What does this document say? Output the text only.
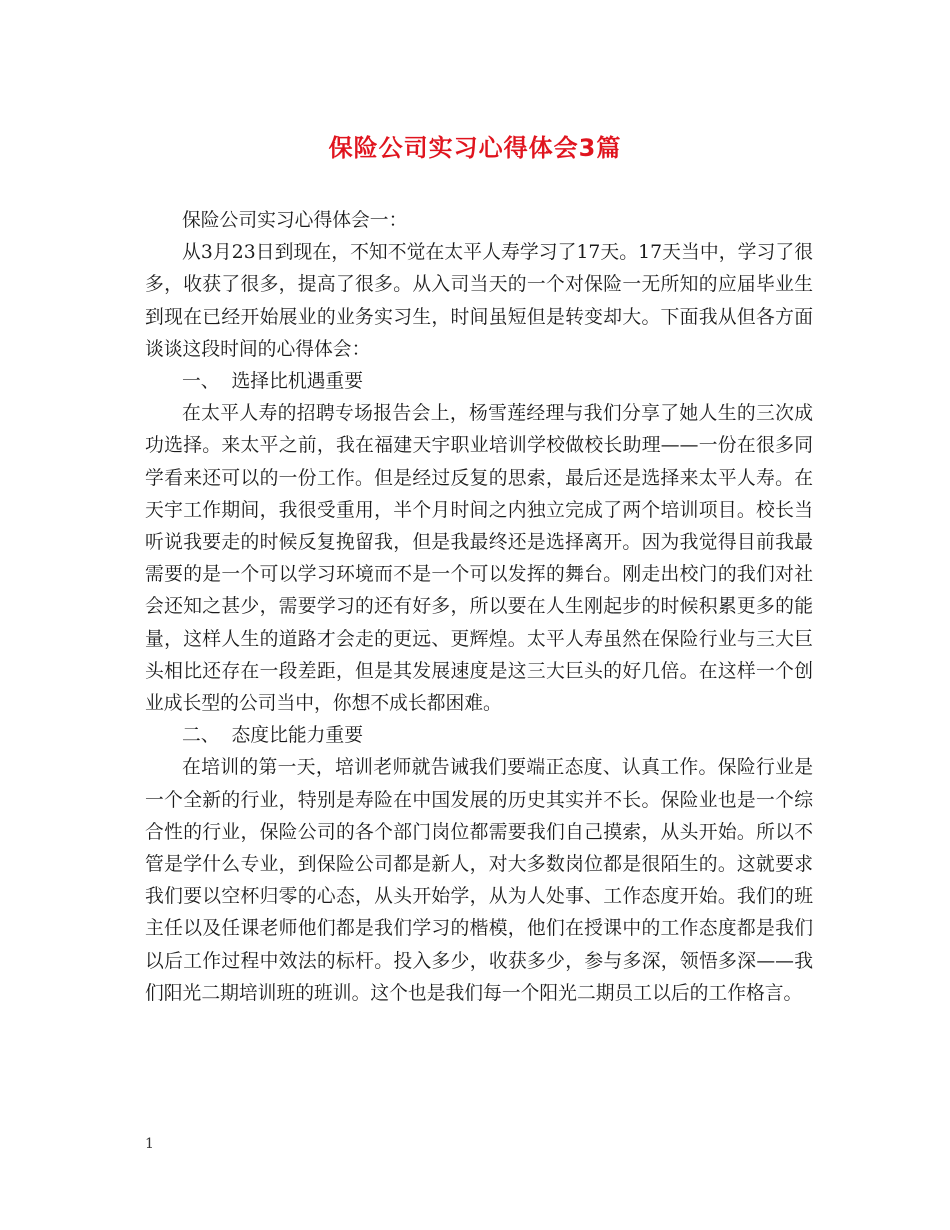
保险公司实习心得体会3篇

保险公司实习心得体会一：

从3月23日到现在，不知不觉在太平人寿学习了17天。17天当中，学习了很多，收获了很多，提高了很多。从入司当天的一个对保险一无所知的应届毕业生到现在已经开始展业的业务实习生，时间虽短但是转变却大。下面我从但各方面谈谈这段时间的心得体会：

一、  选择比机遇重要

在太平人寿的招聘专场报告会上，杨雪莲经理与我们分享了她人生的三次成功选择。来太平之前，我在福建天宇职业培训学校做校长助理——一份在很多同学看来还可以的一份工作。但是经过反复的思索，最后还是选择来太平人寿。在天宇工作期间，我很受重用，半个月时间之内独立完成了两个培训项目。校长当听说我要走的时候反复挽留我，但是我最终还是选择离开。因为我觉得目前我最需要的是一个可以学习环境而不是一个可以发挥的舞台。刚走出校门的我们对社会还知之甚少，需要学习的还有好多，所以要在人生刚起步的时候积累更多的能量，这样人生的道路才会走的更远、更辉煌。太平人寿虽然在保险行业与三大巨头相比还存在一段差距，但是其发展速度是这三大巨头的好几倍。在这样一个创业成长型的公司当中，你想不成长都困难。

二、  态度比能力重要

在培训的第一天，培训老师就告诫我们要端正态度、认真工作。保险行业是一个全新的行业，特别是寿险在中国发展的历史其实并不长。保险业也是一个综合性的行业，保险公司的各个部门岗位都需要我们自己摸索，从头开始。所以不管是学什么专业，到保险公司都是新人，对大多数岗位都是很陌生的。这就要求我们要以空杯归零的心态，从头开始学，从为人处事、工作态度开始。我们的班主任以及任课老师他们都是我们学习的楷模，他们在授课中的工作态度都是我们以后工作过程中效法的标杆。投入多少，收获多少，参与多深，领悟多深——我们阳光二期培训班的班训。这个也是我们每一个阳光二期员工以后的工作格言。

1
